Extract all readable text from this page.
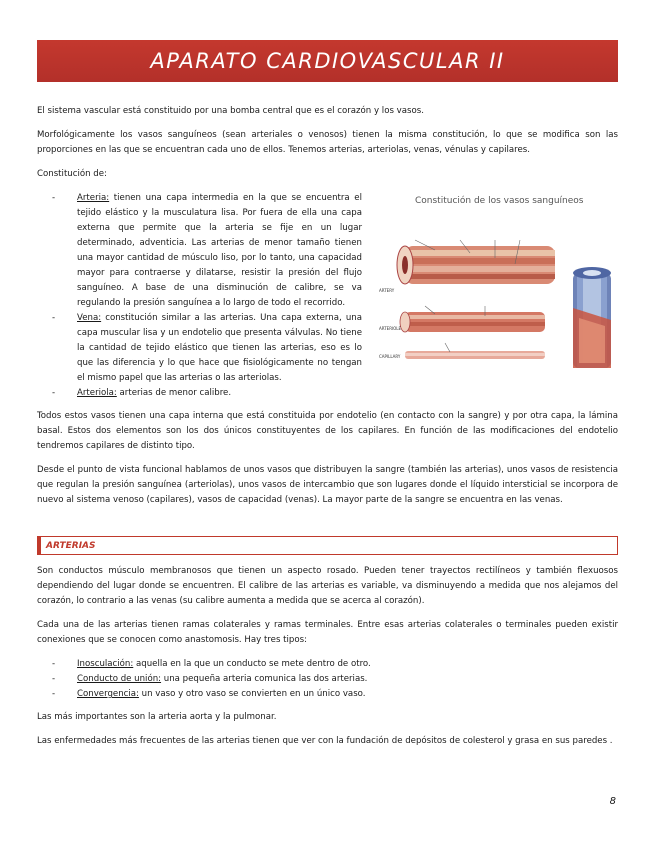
APARATO CARDIOVASCULAR II
Constitución de los vasos sanguíneos
ARTERY
ARTERIOLE
CAPILLARY

El sistema vascular está constituido por una bomba central que es el corazón y los vasos.

Morfológicamente los vasos sanguíneos (sean arteriales o venosos) tienen la misma constitución, lo que se modifica son las proporciones en las que se encuentran cada uno de ellos. Tenemos arterias, arteriolas, venas, vénulas y capilares.

Constitución de:

-	Arteria: tienen una capa intermedia en la que se encuentra el tejido elástico y la musculatura lisa. Por fuera de ella una capa externa que permite que la arteria se fije en un lugar determinado, adventicia. Las arterias de menor tamaño tienen una mayor cantidad de músculo liso, por lo tanto, una capacidad mayor para contraerse y dilatarse, resistir la presión del flujo sanguíneo. A base de una disminución de calibre, se va regulando la presión sanguínea a lo largo de todo el recorrido.
-	Vena: constitución similar a las arterias. Una capa externa, una capa muscular lisa y un endotelio que presenta válvulas. No tiene la cantidad de tejido elástico que tienen las arterias, eso es lo que las diferencia y lo que hace que fisiológicamente no tengan el mismo papel que las arterias o las arteriolas.
-	Arteriola: arterias de menor calibre.

Todos estos vasos tienen una capa interna que está constituida por endotelio (en contacto con la sangre) y por otra capa, la lámina basal. Estos dos elementos son los dos únicos constituyentes de los capilares. En función de las modificaciones del endotelio tendremos capilares de distinto tipo.

Desde el punto de vista funcional hablamos de unos vasos que distribuyen la sangre (también las arterias), unos vasos de resistencia que regulan la presión sanguínea (arteriolas), unos vasos de intercambio que son lugares donde el líquido intersticial se incorpora de nuevo al sistema venoso (capilares), vasos de capacidad (venas). La mayor parte de la sangre se encuentra en las venas.

ARTERIAS

Son conductos músculo membranosos que tienen un aspecto rosado. Pueden tener trayectos rectilíneos y también flexuosos dependiendo del lugar donde se encuentren. El calibre de las arterias es variable, va disminuyendo a medida que nos alejamos del corazón, lo contrario a las venas (su calibre aumenta a medida que se acerca al corazón).

Cada una de las arterias tienen ramas colaterales y ramas terminales. Entre esas arterias colaterales o terminales pueden existir conexiones que se conocen como anastomosis. Hay tres tipos:

-	Inosculación: aquella en la que un conducto se mete dentro de otro.
-	Conducto de unión: una pequeña arteria comunica las dos arterias.
-	Convergencia: un vaso y otro vaso se convierten en un único vaso.

Las más importantes son la arteria aorta y la pulmonar.

Las enfermedades más frecuentes de las arterias tienen que ver con la fundación de depósitos de colesterol y grasa en sus paredes .

8
